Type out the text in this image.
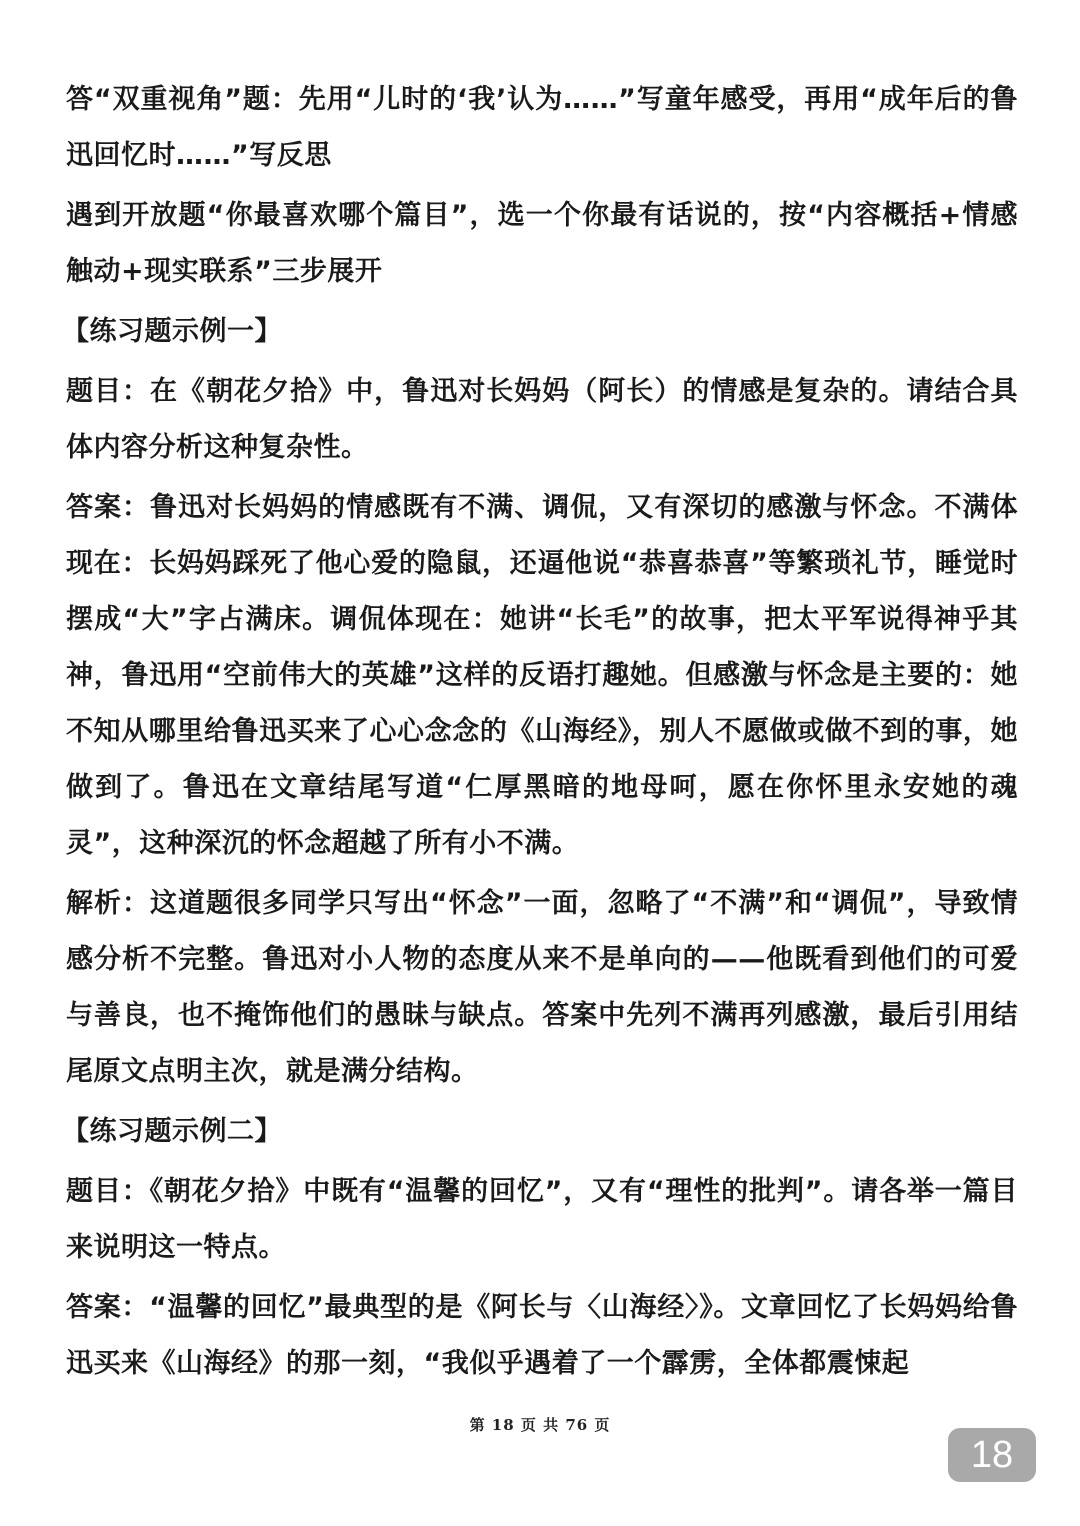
答“双重视角”题：先用“儿时的‘我’认为……”写童年感受，再用“成年后的鲁迅回忆时……”写反思

遇到开放题“你最喜欢哪个篇目”，选一个你最有话说的，按“内容概括+情感触动+现实联系”三步展开

【练习题示例一】

题目：在《朝花夕拾》中，鲁迅对长妈妈（阿长）的情感是复杂的。请结合具体内容分析这种复杂性。

答案：鲁迅对长妈妈的情感既有不满、调侃，又有深切的感激与怀念。不满体现在：长妈妈踩死了他心爱的隐鼠，还逼他说“恭喜恭喜”等繁琐礼节，睡觉时摆成“大”字占满床。调侃体现在：她讲“长毛”的故事，把太平军说得神乎其神，鲁迅用“空前伟大的英雄”这样的反语打趣她。但感激与怀念是主要的：她不知从哪里给鲁迅买来了心心念念的《山海经》，别人不愿做或做不到的事，她做到了。鲁迅在文章结尾写道“仁厚黑暗的地母呵，愿在你怀里永安她的魂灵”，这种深沉的怀念超越了所有小不满。

解析：这道题很多同学只写出“怀念”一面，忽略了“不满”和“调侃”，导致情感分析不完整。鲁迅对小人物的态度从来不是单向的——他既看到他们的可爱与善良，也不掩饰他们的愚昧与缺点。答案中先列不满再列感激，最后引用结尾原文点明主次，就是满分结构。

【练习题示例二】

题目：《朝花夕拾》中既有“温馨的回忆”，又有“理性的批判”。请各举一篇目来说明这一特点。

答案：“温馨的回忆”最典型的是《阿长与〈山海经〉》。文章回忆了长妈妈给鲁迅买来《山海经》的那一刻，“我似乎遇着了一个霹雳，全体都震悚起

第 18 页 共 76 页
18
